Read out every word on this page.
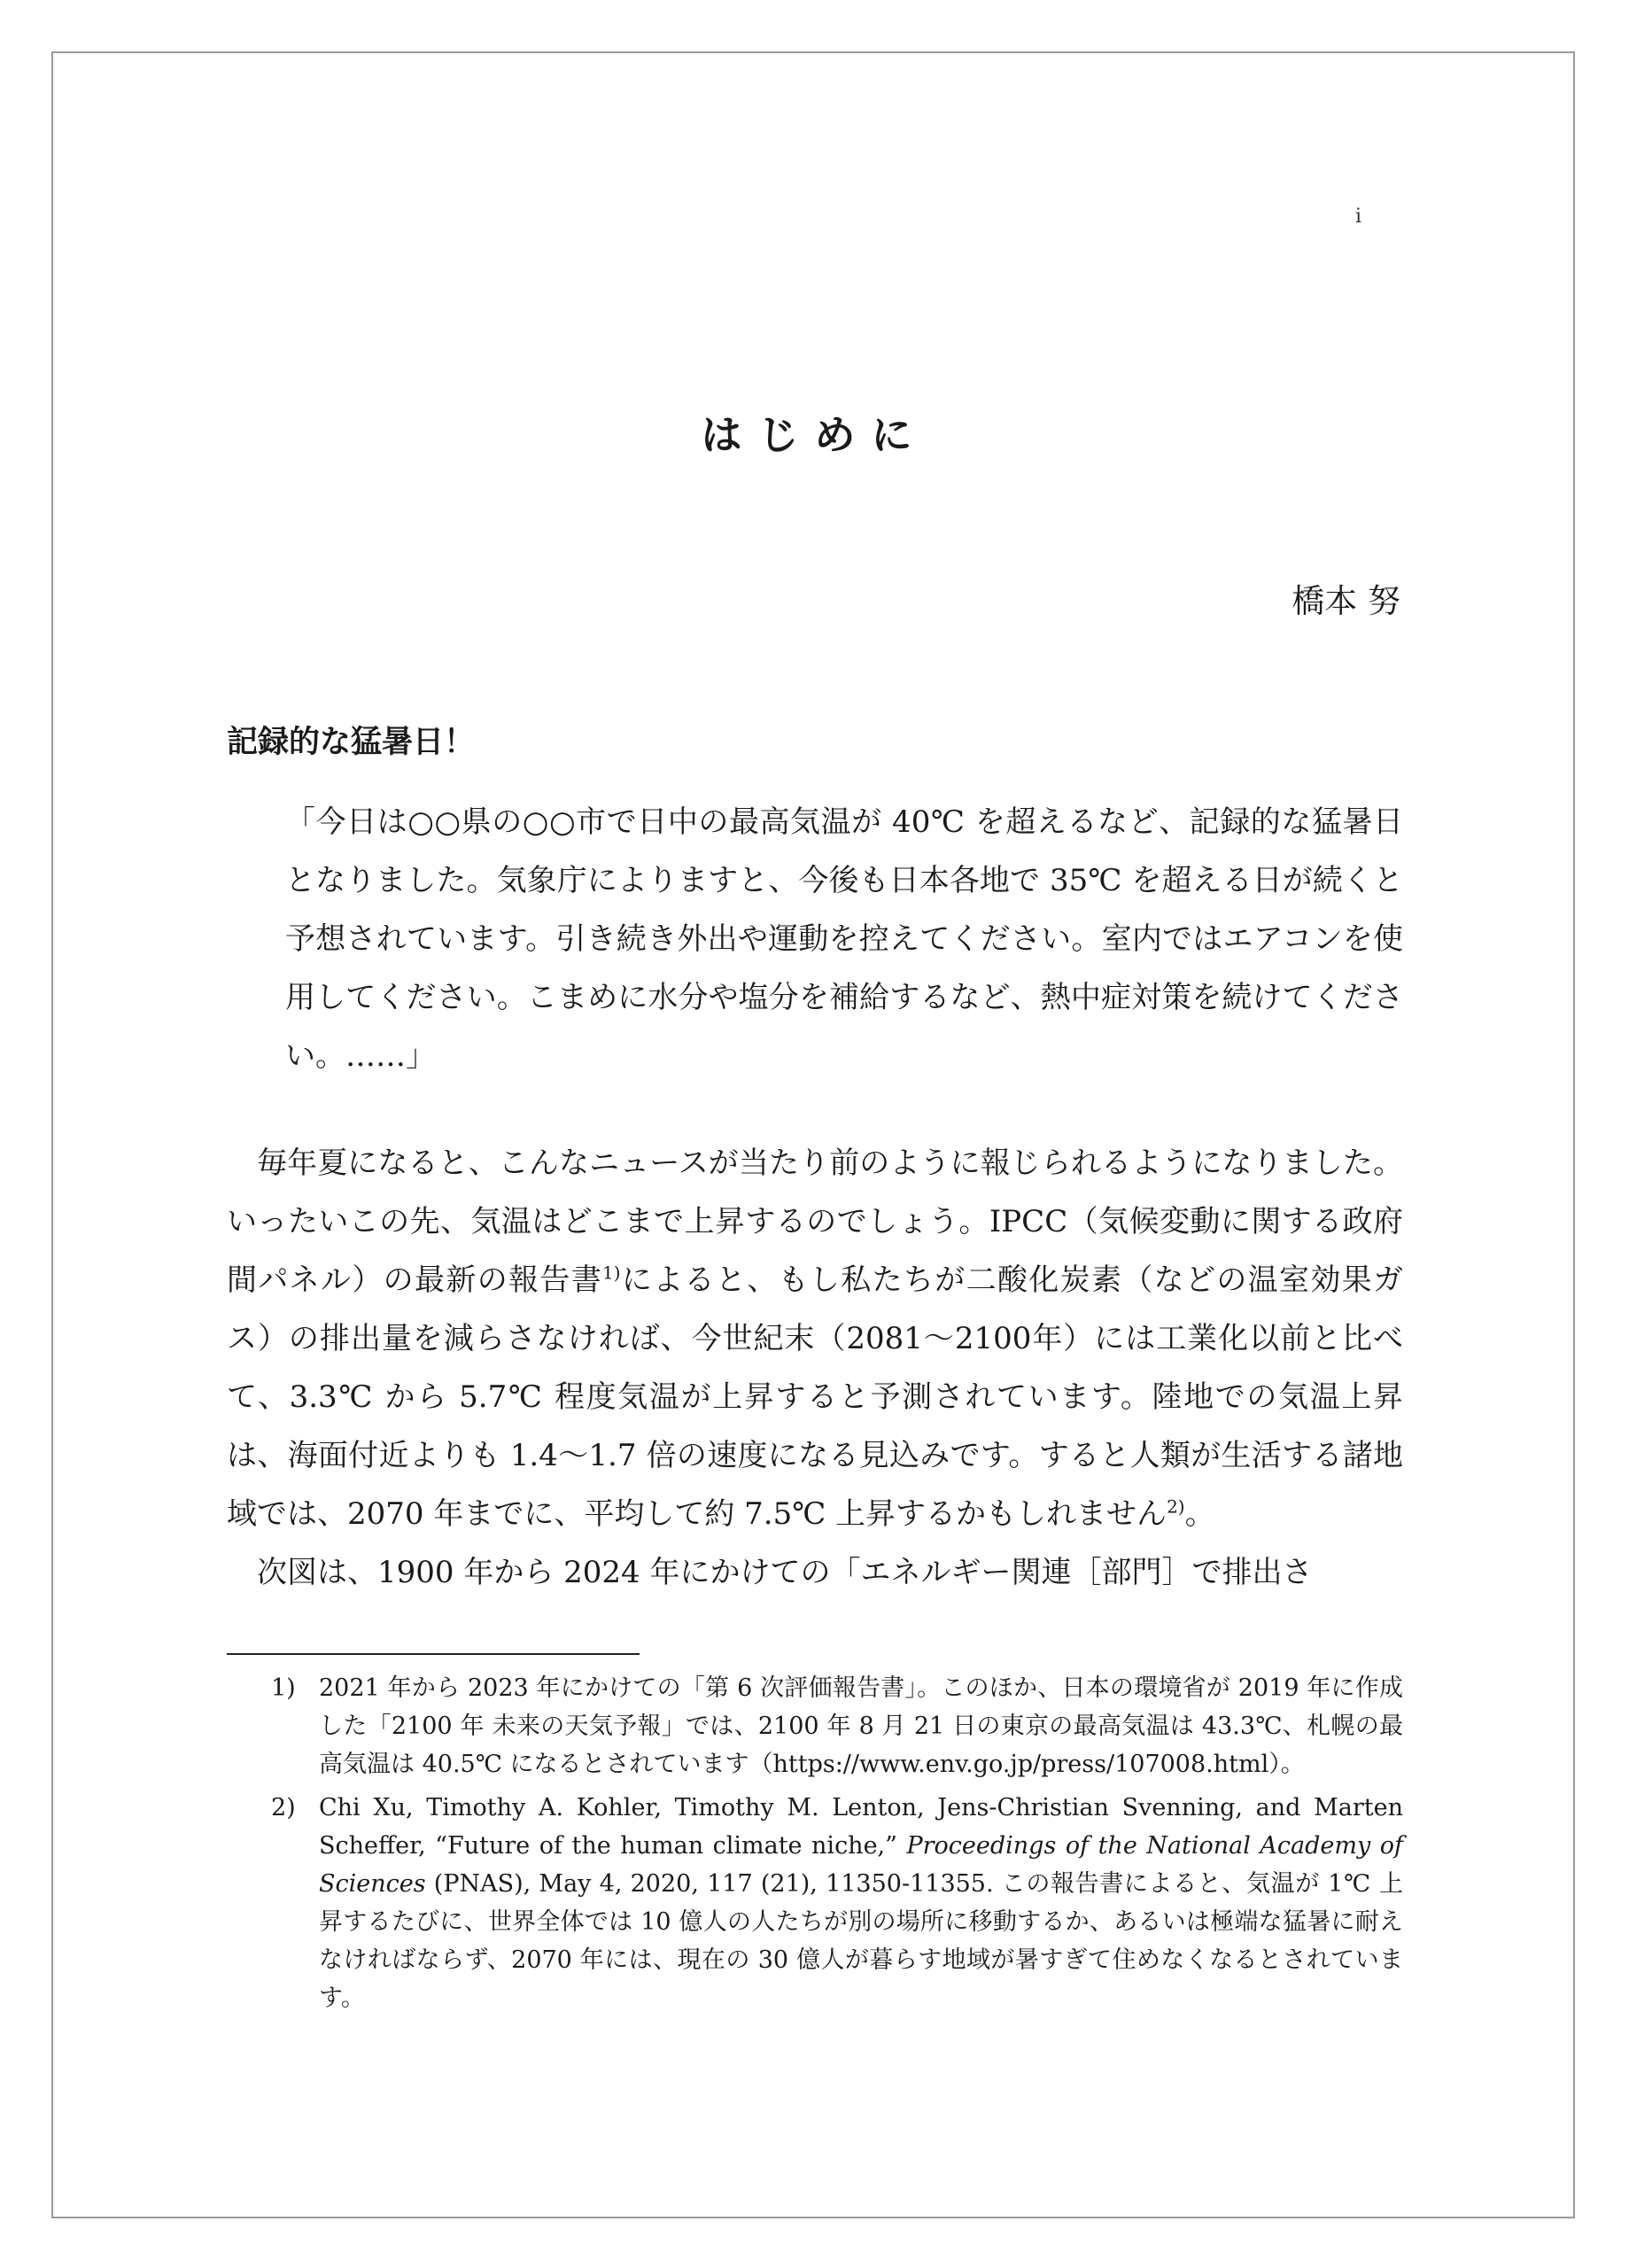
i
はじめに

橋本 努

記録的な猛暑日！

「今日は○○県の○○市で日中の最高気温が 40℃ を超えるなど、記録的な猛暑日となりました。気象庁によりますと、今後も日本各地で 35℃ を超える日が続くと予想されています。引き続き外出や運動を控えてください。室内ではエアコンを使用してください。こまめに水分や塩分を補給するなど、熱中症対策を続けてください。……」

毎年夏になると、こんなニュースが当たり前のように報じられるようになりました。いったいこの先、気温はどこまで上昇するのでしょう。IPCC（気候変動に関する政府間パネル）の最新の報告書$^{1)}$によると、もし私たちが二酸化炭素（などの温室効果ガス）の排出量を減らさなければ、今世紀末（2081～2100年）には工業化以前と比べて、3.3℃ から 5.7℃ 程度気温が上昇すると予測されています。陸地での気温上昇は、海面付近よりも 1.4～1.7 倍の速度になる見込みです。すると人類が生活する諸地域では、2070 年までに、平均して約 7.5℃ 上昇するかもしれません$^{2)}$。

次図は、1900 年から 2024 年にかけての「エネルギー関連［部門］で排出さ

1) 2021 年から 2023 年にかけての「第 6 次評価報告書」。このほか、日本の環境省が 2019 年に作成した「2100 年 未来の天気予報」では、2100 年 8 月 21 日の東京の最高気温は 43.3℃、札幌の最高気温は 40.5℃ になるとされています（https://www.env.go.jp/press/107008.html）。
2) Chi Xu, Timothy A. Kohler, Timothy M. Lenton, Jens-Christian Svenning, and Marten Scheffer, “Future of the human climate niche,” Proceedings of the National Academy of Sciences (PNAS), May 4, 2020, 117 (21), 11350-11355. この報告書によると、気温が 1℃ 上昇するたびに、世界全体では 10 億人の人たちが別の場所に移動するか、あるいは極端な猛暑に耐えなければならず、2070 年には、現在の 30 億人が暮らす地域が暑すぎて住めなくなるとされています。
